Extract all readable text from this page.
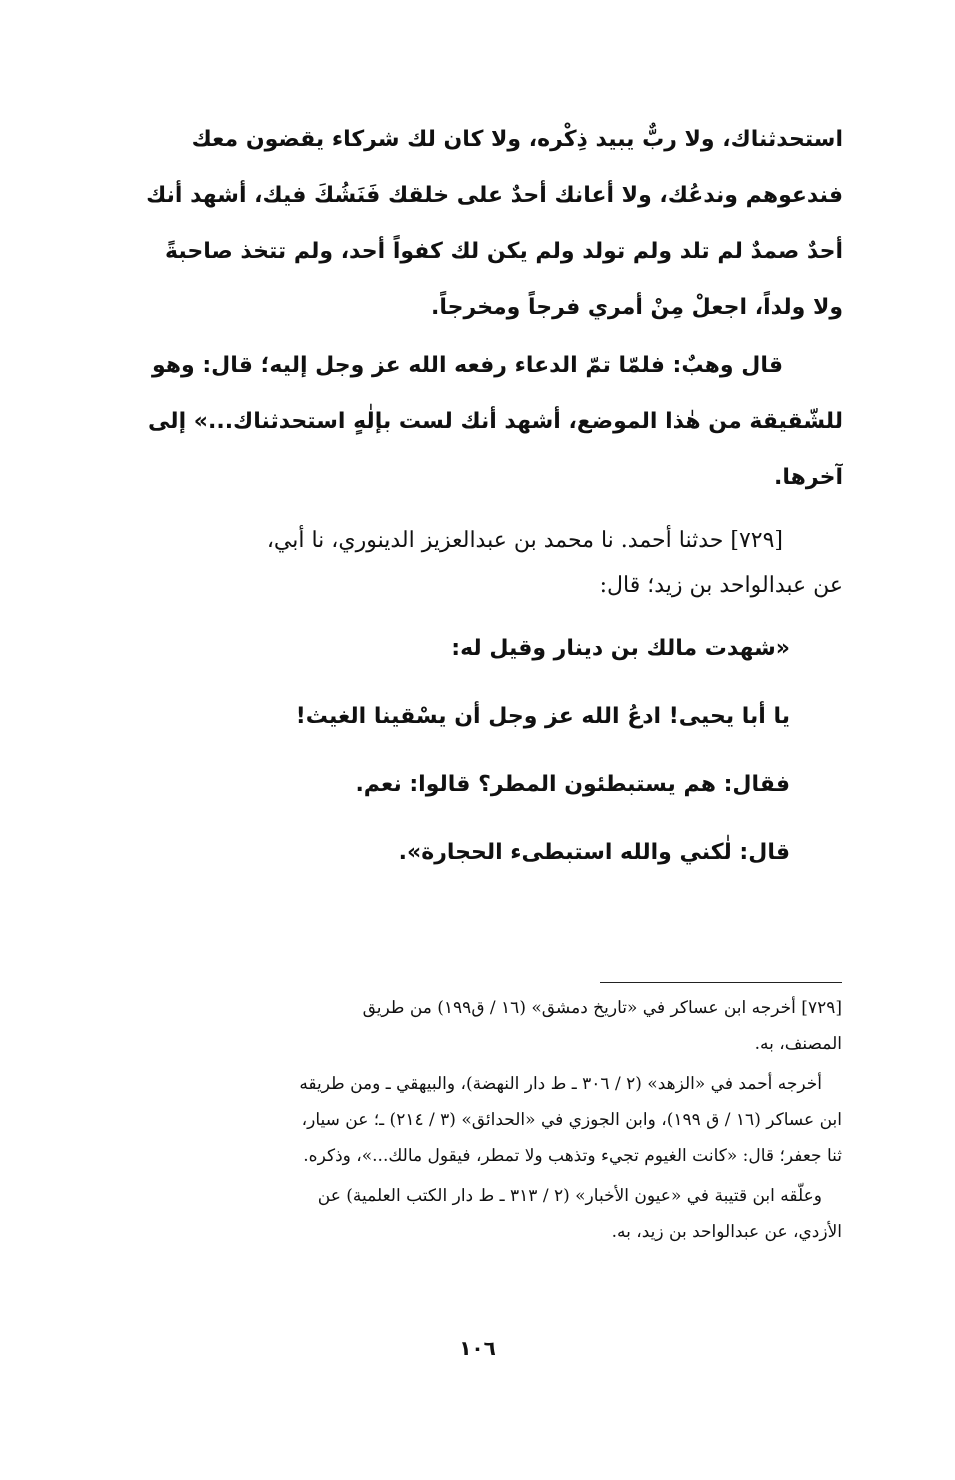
استحدثناك، ولا ربٌّ يبيد ذِكْره، ولا كان لك شركاء يقضون معك
فندعوهم وندعُك، ولا أعانك أحدٌ على خلقك فَنَشُكَ فيك، أشهد أنك
أحدٌ صمدٌ لم تلد ولم تولد ولم يكن لك كفواً أحد، ولم تتخذ صاحبةً
ولا ولداً، اجعلْ مِنْ أمري فرجاً ومخرجاً.
قال وهبٌ: فلمّا تمّ الدعاء رفعه الله عز وجل إليه؛ قال: وهو
للشّقيقة من هٰذا الموضع، أشهد أنك لست بإلٰهٍ استحدثناك...» إلى
آخرها.
[٧٢٩] حدثنا أحمد. نا محمد بن عبدالعزيز الدينوري، نا أبي،
عن عبدالواحد بن زيد؛ قال:
«شهدت مالك بن دينار وقيل له:
يا أبا يحيى! ادعُ الله عز وجل أن يسْقينا الغيث!
فقال: هم يستبطئون المطر؟ قالوا: نعم.
قال: لٰكني والله استبطىء الحجارة».
[٧٢٩] أخرجه ابن عساكر في «تاريخ دمشق» (١٦ / ق١٩٩) من طريق
المصنف، به.
أخرجه أحمد في «الزهد» (٢ / ٣٠٦ ـ ط دار النهضة)، والبيهقي ـ ومن طريقه
ابن عساكر (١٦ / ق ١٩٩)، وابن الجوزي في «الحدائق» (٣ / ٢١٤) ـ؛ عن سيار،
ثنا جعفر؛ قال: «كانت الغيوم تجيء وتذهب ولا تمطر، فيقول مالك...»، وذكره.
وعلّقه ابن قتيبة في «عيون الأخبار» (٢ / ٣١٣ ـ ط دار الكتب العلمية) عن
الأزدي، عن عبدالواحد بن زيد، به.
١٠٦
